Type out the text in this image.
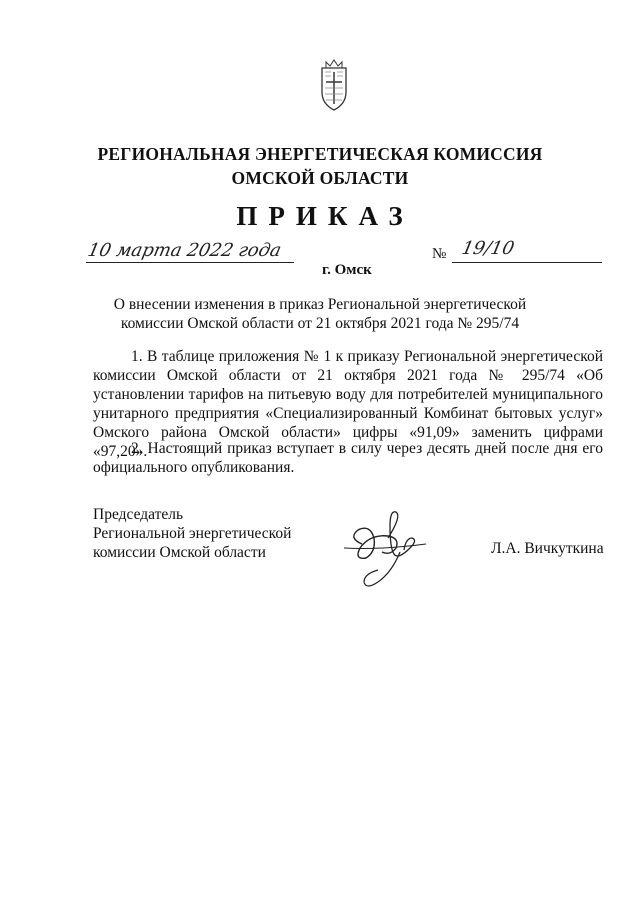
РЕГИОНАЛЬНАЯ ЭНЕРГЕТИЧЕСКАЯ КОМИССИЯ
ОМСКОЙ ОБЛАСТИ
ПРИКАЗ
10 марта 2022 года	№ 19/10
г. Омск
О внесении изменения в приказ Региональной энергетической
комиссии Омской области от 21 октября 2021 года № 295/74
1. В таблице приложения № 1 к приказу Региональной энергетической комиссии Омской области от 21 октября 2021 года № 295/74 «Об установлении тарифов на питьевую воду для потребителей муниципального унитарного предприятия «Специализированный Комбинат бытовых услуг» Омского района Омской области» цифры «91,09» заменить цифрами «97,20».
2. Настоящий приказ вступает в силу через десять дней после дня его официального опубликования.
Председатель
Региональной энергетической
комиссии Омской области	Л.А. Вичкуткина
